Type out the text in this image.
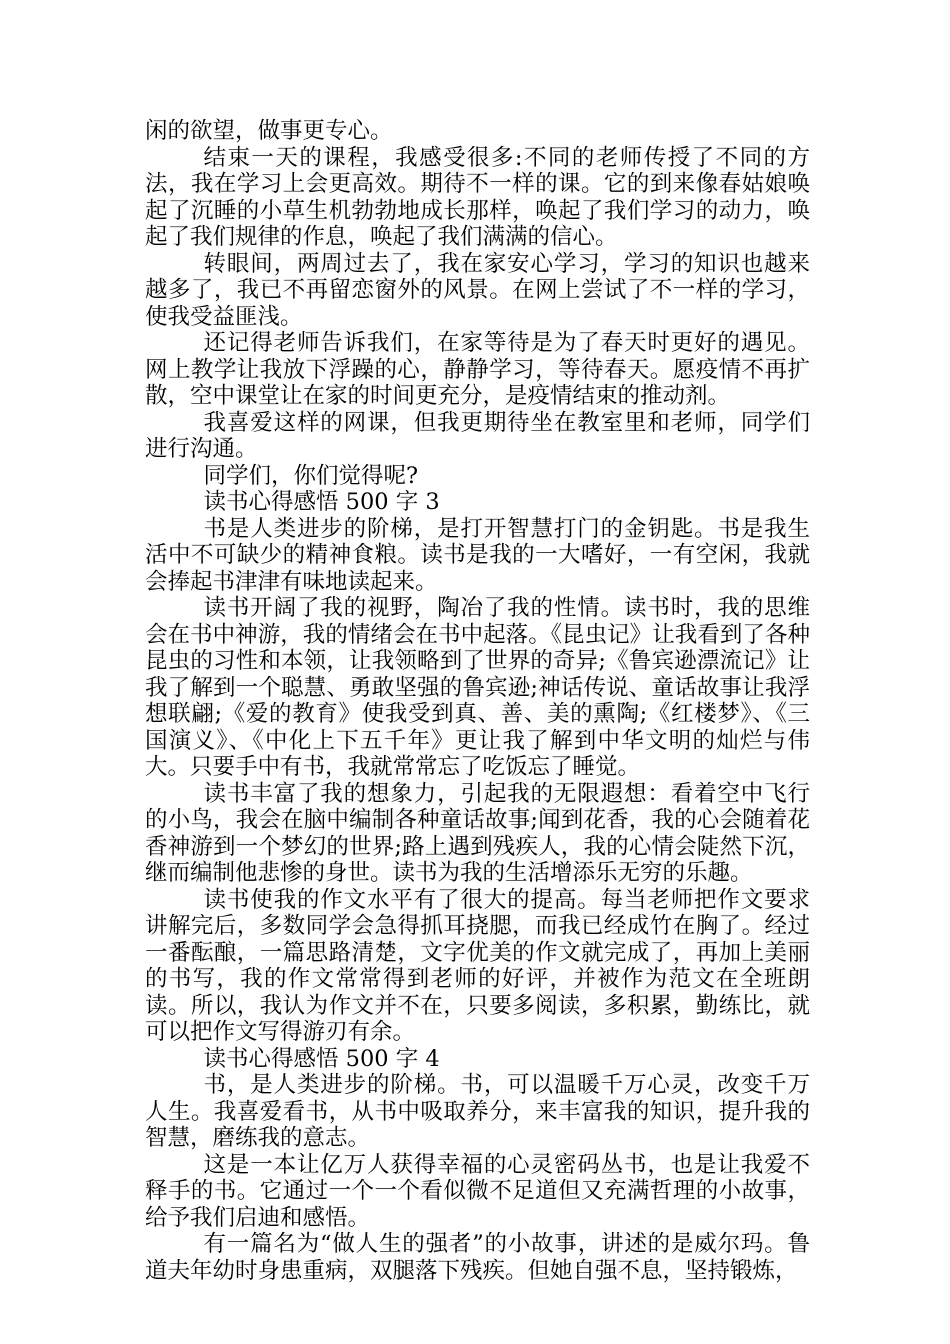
闲的欲望，做事更专心。

结束一天的课程，我感受很多:不同的老师传授了不同的方法，我在学习上会更高效。期待不一样的课。它的到来像春姑娘唤起了沉睡的小草生机勃勃地成长那样，唤起了我们学习的动力，唤起了我们规律的作息，唤起了我们满满的信心。

转眼间，两周过去了，我在家安心学习，学习的知识也越来越多了，我已不再留恋窗外的风景。在网上尝试了不一样的学习，使我受益匪浅。

还记得老师告诉我们，在家等待是为了春天时更好的遇见。网上教学让我放下浮躁的心，静静学习，等待春天。愿疫情不再扩散，空中课堂让在家的时间更充分，是疫情结束的推动剂。

我喜爱这样的网课，但我更期待坐在教室里和老师，同学们进行沟通。

同学们，你们觉得呢?

读书心得感悟 500 字 3

书是人类进步的阶梯，是打开智慧打门的金钥匙。书是我生活中不可缺少的精神食粮。读书是我的一大嗜好，一有空闲，我就会捧起书津津有味地读起来。

读书开阔了我的视野，陶冶了我的性情。读书时，我的思维会在书中神游，我的情绪会在书中起落。《昆虫记》让我看到了各种昆虫的习性和本领，让我领略到了世界的奇异;《鲁宾逊漂流记》让我了解到一个聪慧、勇敢坚强的鲁宾逊;神话传说、童话故事让我浮想联翩;《爱的教育》使我受到真、善、美的熏陶;《红楼梦》、《三国演义》、《中化上下五千年》更让我了解到中华文明的灿烂与伟大。只要手中有书，我就常常忘了吃饭忘了睡觉。

读书丰富了我的想象力，引起我的无限遐想：看着空中飞行的小鸟，我会在脑中编制各种童话故事;闻到花香，我的心会随着花香神游到一个梦幻的世界;路上遇到残疾人，我的心情会陡然下沉，继而编制他悲惨的身世。读书为我的生活增添乐无穷的乐趣。

读书使我的作文水平有了很大的提高。每当老师把作文要求讲解完后，多数同学会急得抓耳挠腮，而我已经成竹在胸了。经过一番酝酿，一篇思路清楚，文字优美的作文就完成了，再加上美丽的书写，我的作文常常得到老师的好评，并被作为范文在全班朗读。所以，我认为作文并不在，只要多阅读，多积累，勤练比，就可以把作文写得游刃有余。

读书心得感悟 500 字 4

书，是人类进步的阶梯。书，可以温暖千万心灵，改变千万人生。我喜爱看书，从书中吸取养分，来丰富我的知识，提升我的智慧，磨练我的意志。

这是一本让亿万人获得幸福的心灵密码丛书，也是让我爱不释手的书。它通过一个一个看似微不足道但又充满哲理的小故事，给予我们启迪和感悟。

有一篇名为“做人生的强者”的小故事，讲述的是威尔玛。鲁道夫年幼时身患重病，双腿落下残疾。但她自强不息，坚持锻炼，
